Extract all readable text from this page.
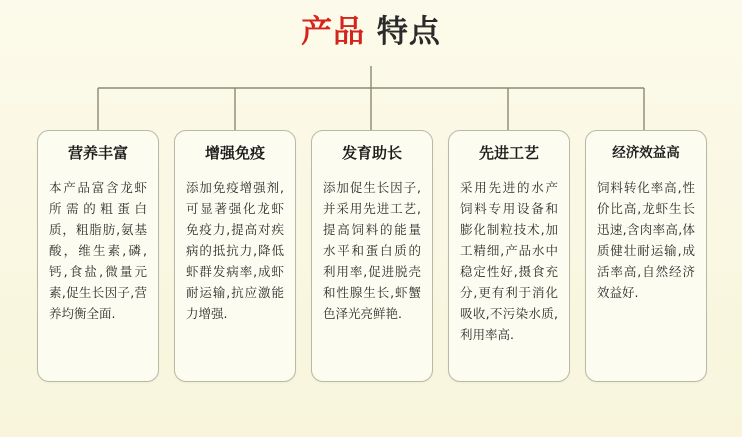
产品 特点
营养丰富
本产品富含龙虾所需的粗蛋白质，粗脂肪,氨基酸，维生素,磷,钙,食盐,微量元素,促生长因子,营养均衡全面.
增强免疫
添加免疫增强剂,可显著强化龙虾免疫力,提高对疾病的抵抗力,降低虾群发病率,成虾耐运输,抗应激能力增强.
发育助长
添加促生长因子,并采用先进工艺,提高饲料的能量水平和蛋白质的利用率,促进脱壳和性腺生长,虾蟹色泽光亮鲜艳.
先进工艺
采用先进的水产饲料专用设备和膨化制粒技术,加工精细,产品水中稳定性好,摄食充分,更有利于消化吸收,不污染水质,利用率高.
经济效益高
饲料转化率高,性价比高,龙虾生长迅速,含肉率高,体质健壮耐运输,成活率高,自然经济效益好.
